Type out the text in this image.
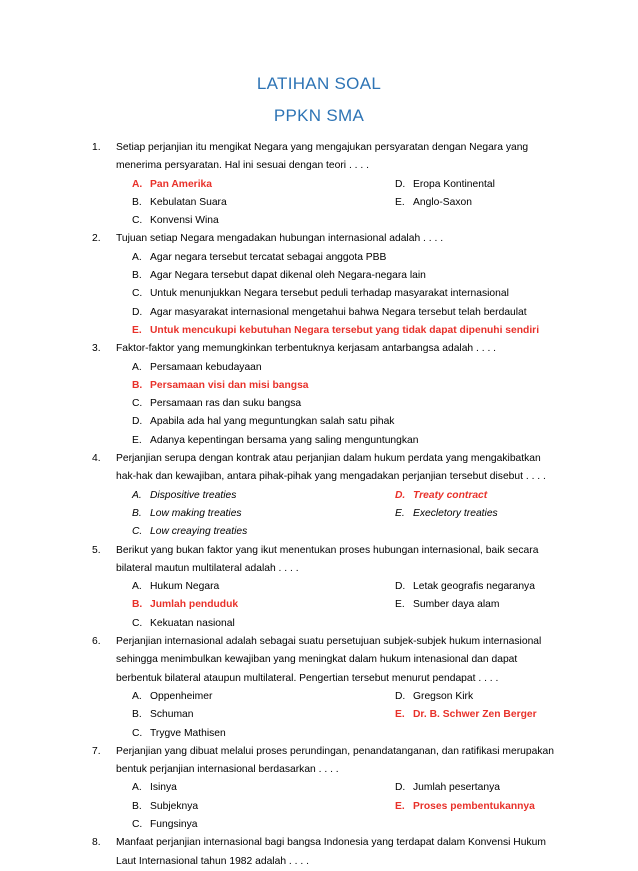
LATIHAN SOAL
PPKN SMA
1. Setiap perjanjian itu mengikat Negara yang mengajukan persyaratan dengan Negara yang
menerima persyaratan. Hal ini sesuai dengan teori . . . .
A. Pan Amerika	D. Eropa Kontinental
B. Kebulatan Suara	E. Anglo-Saxon
C. Konvensi Wina
2. Tujuan setiap Negara mengadakan hubungan internasional adalah . . . .
A. Agar negara tersebut tercatat sebagai anggota PBB
B. Agar Negara tersebut dapat dikenal oleh Negara-negara lain
C. Untuk menunjukkan Negara tersebut peduli terhadap masyarakat internasional
D. Agar masyarakat internasional mengetahui bahwa Negara tersebut telah berdaulat
E. Untuk mencukupi kebutuhan Negara tersebut yang tidak dapat dipenuhi sendiri
3. Faktor-faktor yang memungkinkan terbentuknya kerjasam antarbangsa adalah . . . .
A. Persamaan kebudayaan
B. Persamaan visi dan misi bangsa
C. Persamaan ras dan suku bangsa
D. Apabila ada hal yang meguntungkan salah satu pihak
E. Adanya kepentingan bersama yang saling menguntungkan
4. Perjanjian serupa dengan kontrak atau perjanjian dalam hukum perdata yang mengakibatkan
hak-hak dan kewajiban, antara pihak-pihak yang mengadakan perjanjian tersebut disebut . . . .
A. Dispositive treaties	D. Treaty contract
B. Low making treaties	E. Execletory treaties
C. Low creaying treaties
5. Berikut yang bukan faktor yang ikut menentukan proses hubungan internasional, baik secara
bilateral mautun multilateral adalah . . . .
A. Hukum Negara	D. Letak geografis negaranya
B. Jumlah penduduk	E. Sumber daya alam
C. Kekuatan nasional
6. Perjanjian internasional adalah sebagai suatu persetujuan subjek-subjek hukum internasional
sehingga menimbulkan kewajiban yang meningkat dalam hukum intenasional dan dapat
berbentuk bilateral ataupun multilateral. Pengertian tersebut menurut pendapat . . . .
A. Oppenheimer	D. Gregson Kirk
B. Schuman	E. Dr. B. Schwer Zen Berger
C. Trygve Mathisen
7. Perjanjian yang dibuat melalui proses perundingan, penandatanganan, dan ratifikasi merupakan
bentuk perjanjian internasional berdasarkan . . . .
A. Isinya	D. Jumlah pesertanya
B. Subjeknya	E. Proses pembentukannya
C. Fungsinya
8. Manfaat perjanjian internasional bagi bangsa Indonesia yang terdapat dalam Konvensi Hukum
Laut Internasional tahun 1982 adalah . . . .
